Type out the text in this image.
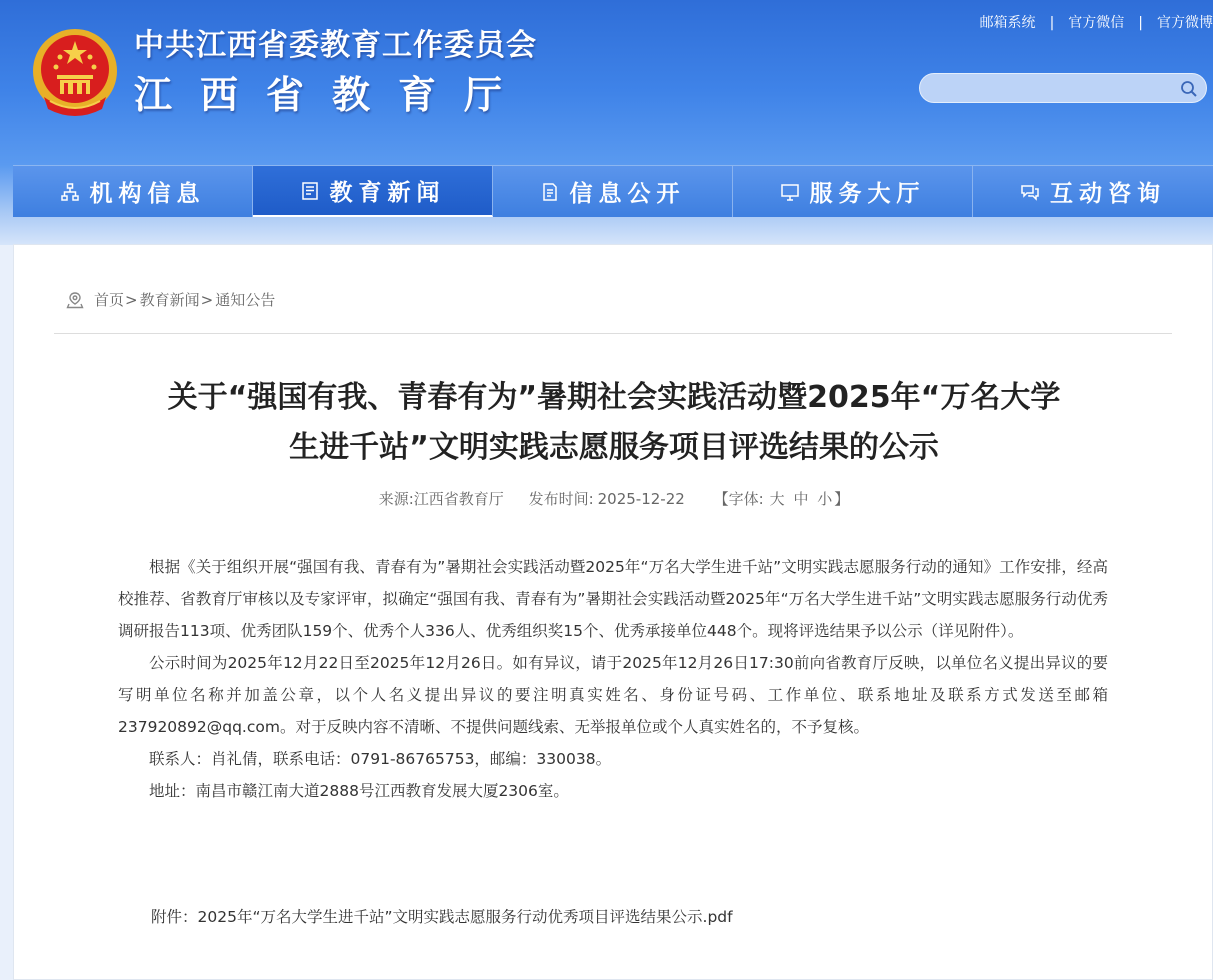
中共江西省委教育工作委员会
江西省教育厅
邮箱系统 | 官方微信 | 官方微博
机构信息	教育新闻	信息公开	服务大厅	互动咨询
首页 > 教育新闻 > 通知公告
关于“强国有我、青春有为”暑期社会实践活动暨2025年“万名大学
生进千站”文明实践志愿服务项目评选结果的公示
来源:江西省教育厅 发布时间: 2025-12-22 【字体: 大 中 小 】

根据《关于组织开展“强国有我、青春有为”暑期社会实践活动暨2025年“万名大学生进千站”文明实践志愿服务行动的通知》工作安排，经高校推荐、省教育厅审核以及专家评审，拟确定“强国有我、青春有为”暑期社会实践活动暨2025年“万名大学生进千站”文明实践志愿服务行动优秀调研报告113项、优秀团队159个、优秀个人336人、优秀组织奖15个、优秀承接单位448个。现将评选结果予以公示（详见附件）。

公示时间为2025年12月22日至2025年12月26日。如有异议，请于2025年12月26日17:30前向省教育厅反映，以单位名义提出异议的要写明单位名称并加盖公章，以个人名义提出异议的要注明真实姓名、身份证号码、工作单位、联系地址及联系方式发送至邮箱237920892@qq.com。对于反映内容不清晰、不提供问题线索、无举报单位或个人真实姓名的，不予复核。

联系人：肖礼倩，联系电话：0791-86765753，邮编：330038。

地址：南昌市赣江南大道2888号江西教育发展大厦2306室。

附件：2025年“万名大学生进千站”文明实践志愿服务行动优秀项目评选结果公示.pdf
